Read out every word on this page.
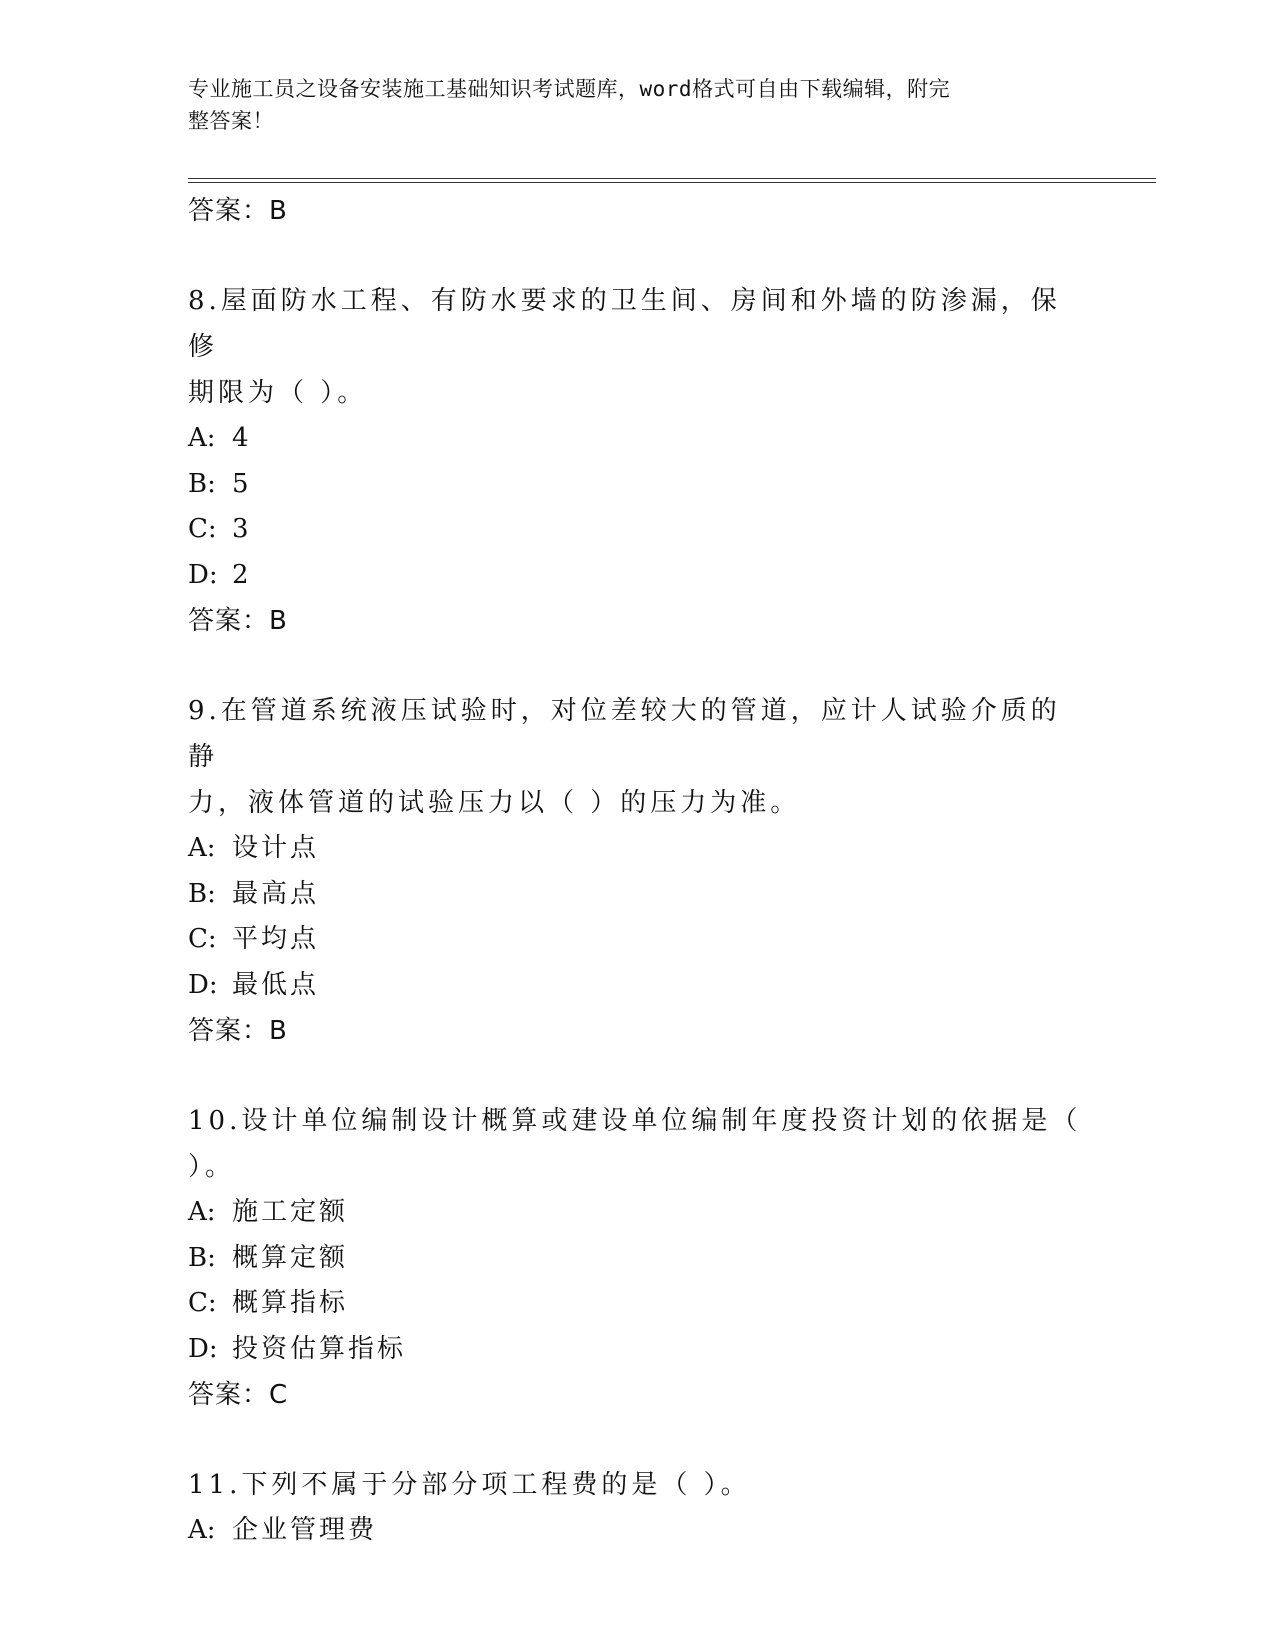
专业施工员之设备安装施工基础知识考试题库，word格式可自由下载编辑，附完
整答案！
答案：B
8.屋面防水工程、有防水要求的卫生间、房间和外墙的防渗漏，保修
期限为（ ）。
A: 4
B: 5
C: 3
D: 2
答案：B
9.在管道系统液压试验时，对位差较大的管道，应计人试验介质的静
力，液体管道的试验压力以（ ）的压力为准。
A: 设计点
B: 最高点
C: 平均点
D: 最低点
答案：B
10.设计单位编制设计概算或建设单位编制年度投资计划的依据是（
）。
A: 施工定额
B: 概算定额
C: 概算指标
D: 投资估算指标
答案：C
11.下列不属于分部分项工程费的是（ ）。
A: 企业管理费
